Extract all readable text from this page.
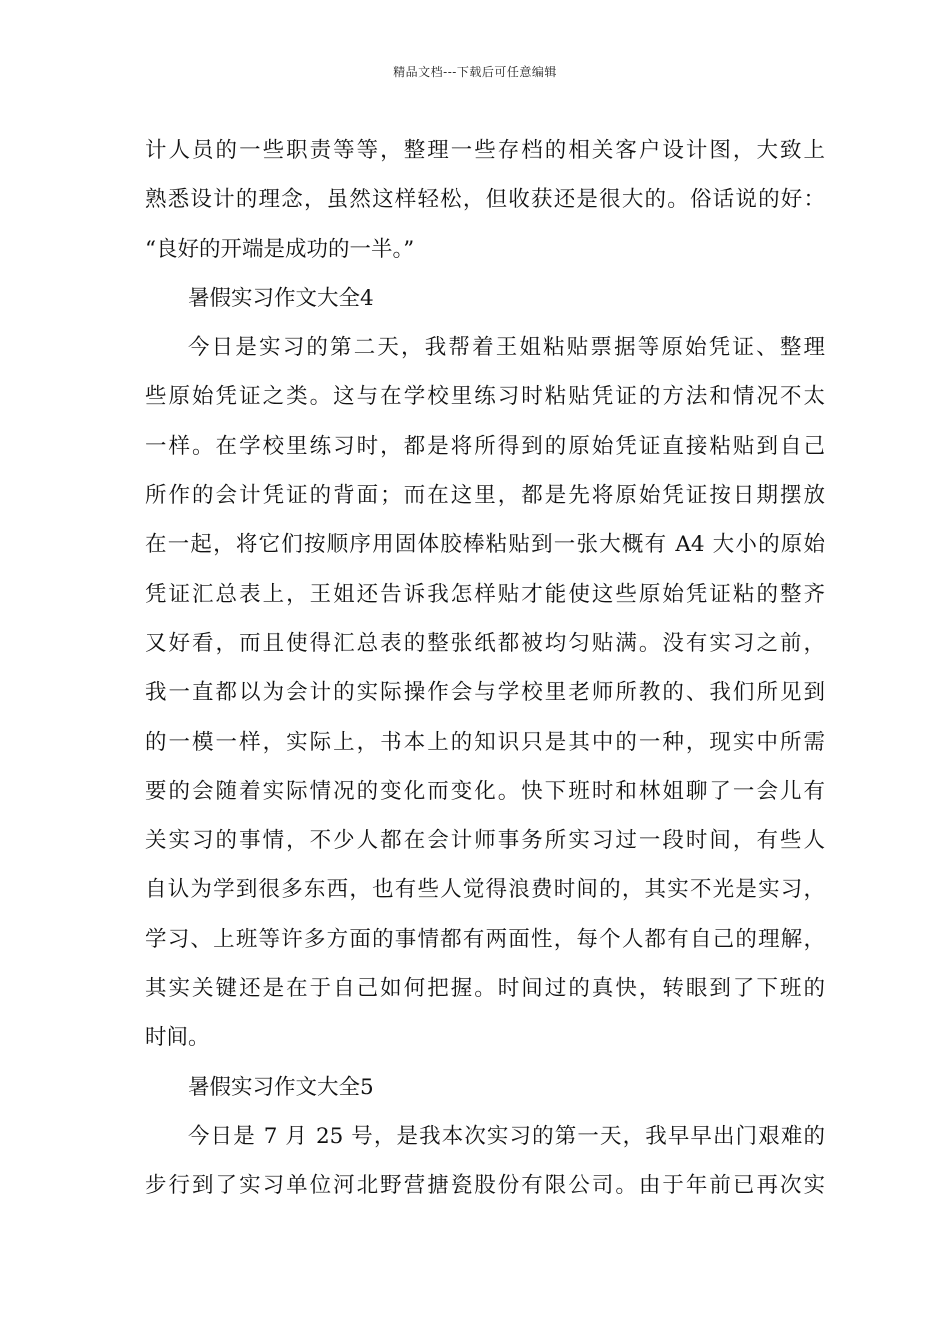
精品文档---下载后可任意编辑
计人员的一些职责等等，整理一些存档的相关客户设计图，大致上
熟悉设计的理念，虽然这样轻松，但收获还是很大的。俗话说的好：
“良好的开端是成功的一半。”
暑假实习作文大全4
今日是实习的第二天，我帮着王姐粘贴票据等原始凭证、整理
些原始凭证之类。这与在学校里练习时粘贴凭证的方法和情况不太
一样。在学校里练习时，都是将所得到的原始凭证直接粘贴到自己
所作的会计凭证的背面；而在这里，都是先将原始凭证按日期摆放
在一起，将它们按顺序用固体胶棒粘贴到一张大概有 A4 大小的原始
凭证汇总表上，王姐还告诉我怎样贴才能使这些原始凭证粘的整齐
又好看，而且使得汇总表的整张纸都被均匀贴满。没有实习之前，
我一直都以为会计的实际操作会与学校里老师所教的、我们所见到
的一模一样，实际上，书本上的知识只是其中的一种，现实中所需
要的会随着实际情况的变化而变化。快下班时和林姐聊了一会儿有
关实习的事情，不少人都在会计师事务所实习过一段时间，有些人
自认为学到很多东西，也有些人觉得浪费时间的，其实不光是实习，
学习、上班等许多方面的事情都有两面性，每个人都有自己的理解，
其实关键还是在于自己如何把握。时间过的真快，转眼到了下班的
时间。
暑假实习作文大全5
今日是 7 月 25 号，是我本次实习的第一天，我早早出门艰难的
步行到了实习单位河北野营搪瓷股份有限公司。由于年前已再次实
